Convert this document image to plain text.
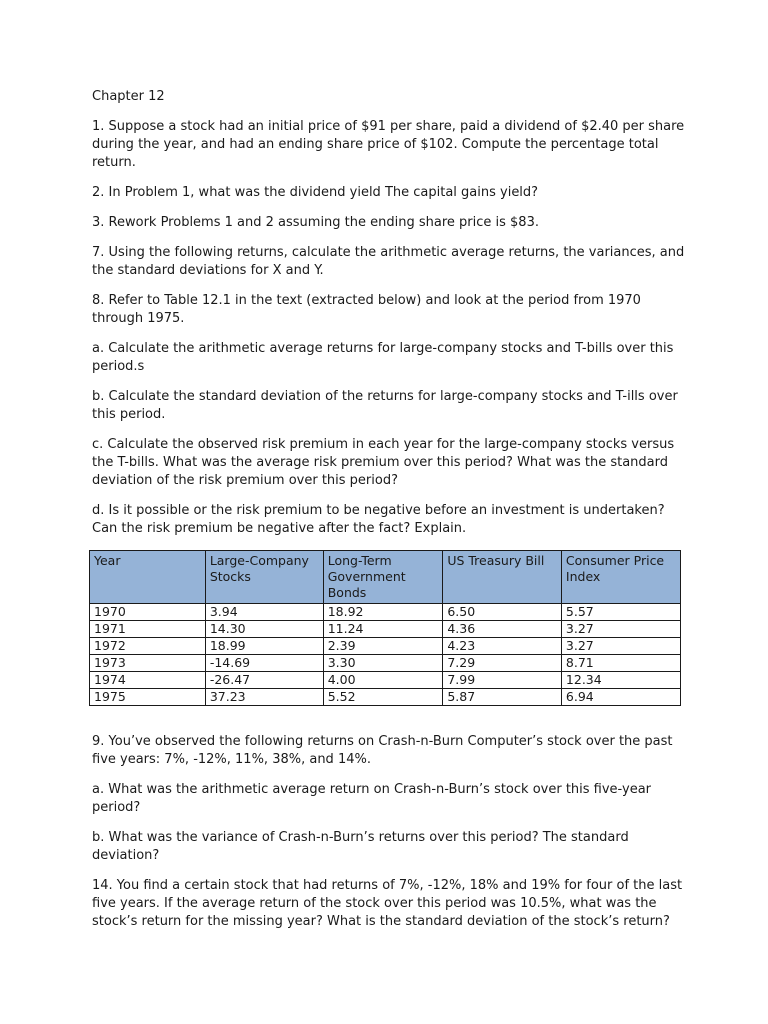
Chapter 12

1. Suppose a stock had an initial price of $91 per share, paid a dividend of $2.40 per share during the year, and had an ending share price of $102. Compute the percentage total return.

2. In Problem 1, what was the dividend yield The capital gains yield?

3. Rework Problems 1 and 2 assuming the ending share price is $83.

7. Using the following returns, calculate the arithmetic average returns, the variances, and the standard deviations for X and Y.

8. Refer to Table 12.1 in the text (extracted below) and look at the period from 1970 through 1975.

a. Calculate the arithmetic average returns for large-company stocks and T-bills over this period.s

b. Calculate the standard deviation of the returns for large-company stocks and T-ills over this period.

c. Calculate the observed risk premium in each year for the large-company stocks versus the T-bills. What was the average risk premium over this period? What was the standard deviation of the risk premium over this period?

d. Is it possible or the risk premium to be negative before an investment is undertaken? Can the risk premium be negative after the fact? Explain.

Year	Large-Company Stocks	Long-Term Government Bonds	US Treasury Bill	Consumer Price Index
1970	3.94	18.92	6.50	5.57
1971	14.30	11.24	4.36	3.27
1972	18.99	2.39	4.23	3.27
1973	-14.69	3.30	7.29	8.71
1974	-26.47	4.00	7.99	12.34
1975	37.23	5.52	5.87	6.94

9. You’ve observed the following returns on Crash-n-Burn Computer’s stock over the past five years: 7%, -12%, 11%, 38%, and 14%.

a. What was the arithmetic average return on Crash-n-Burn’s stock over this five-year period?

b. What was the variance of Crash-n-Burn’s returns over this period? The standard deviation?

14. You find a certain stock that had returns of 7%, -12%, 18% and 19% for four of the last five years. If the average return of the stock over this period was 10.5%, what was the stock’s return for the missing year? What is the standard deviation of the stock’s return?
